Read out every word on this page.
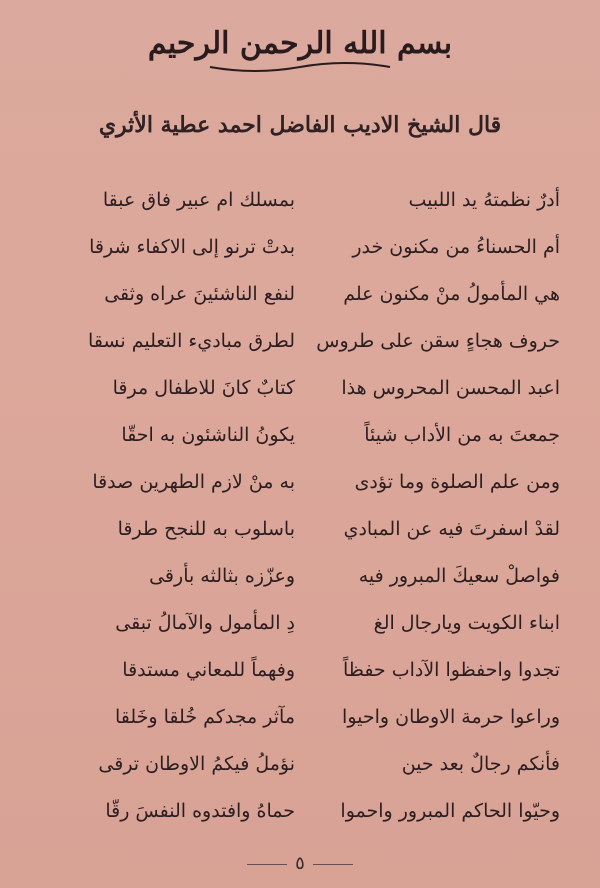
بسم الله الرحمن الرحيم
قال الشيخ الاديب الفاضل احمد عطية الأثري
أدرٌ نظمتهُ يد اللبيب
بمسلك ام عبير فاق عبقا
أم الحسناءُ من مكنون خدر
بدتْ ترنو إلى الاكفاء شرقا
هي المأمولُ منْ مكنون علم
لنفع الناشئينَ عراه وثقى
حروف هجاءٍ سقن على طروس
لطرق مباديء التعليم نسقا
اعبد المحسن المحروس هذا
كتابٌ كانَ للاطفال مرقا
جمعتَ به من الأداب شيئاً
يكونُ الناشئون به احقّا
ومن علم الصلوة وما تؤدى
به منْ لازم الطهرين صدقا
لقدْ اسفرتَ فيه عن المبادي
باسلوب به للنجح طرقا
فواصلْ سعيكَ المبرور فيه
وعزّزه بثالثه بأرقى
ابناء الكويت ويارجال الغ
دِ المأمول والآمالُ تبقى
تجدوا واحفظوا الآداب حفظاً
وفهماً للمعاني مستدقا
وراعوا حرمة الاوطان واحيوا
مآثر مجدكم خُلقا وخَلقا
فأنكم رجالٌ بعد حين
نؤملُ فيكمُ الاوطان ترقى
وحيّوا الحاكم المبرور واحموا
حماهُ وافتدوه النفسَ رقّا
٥
